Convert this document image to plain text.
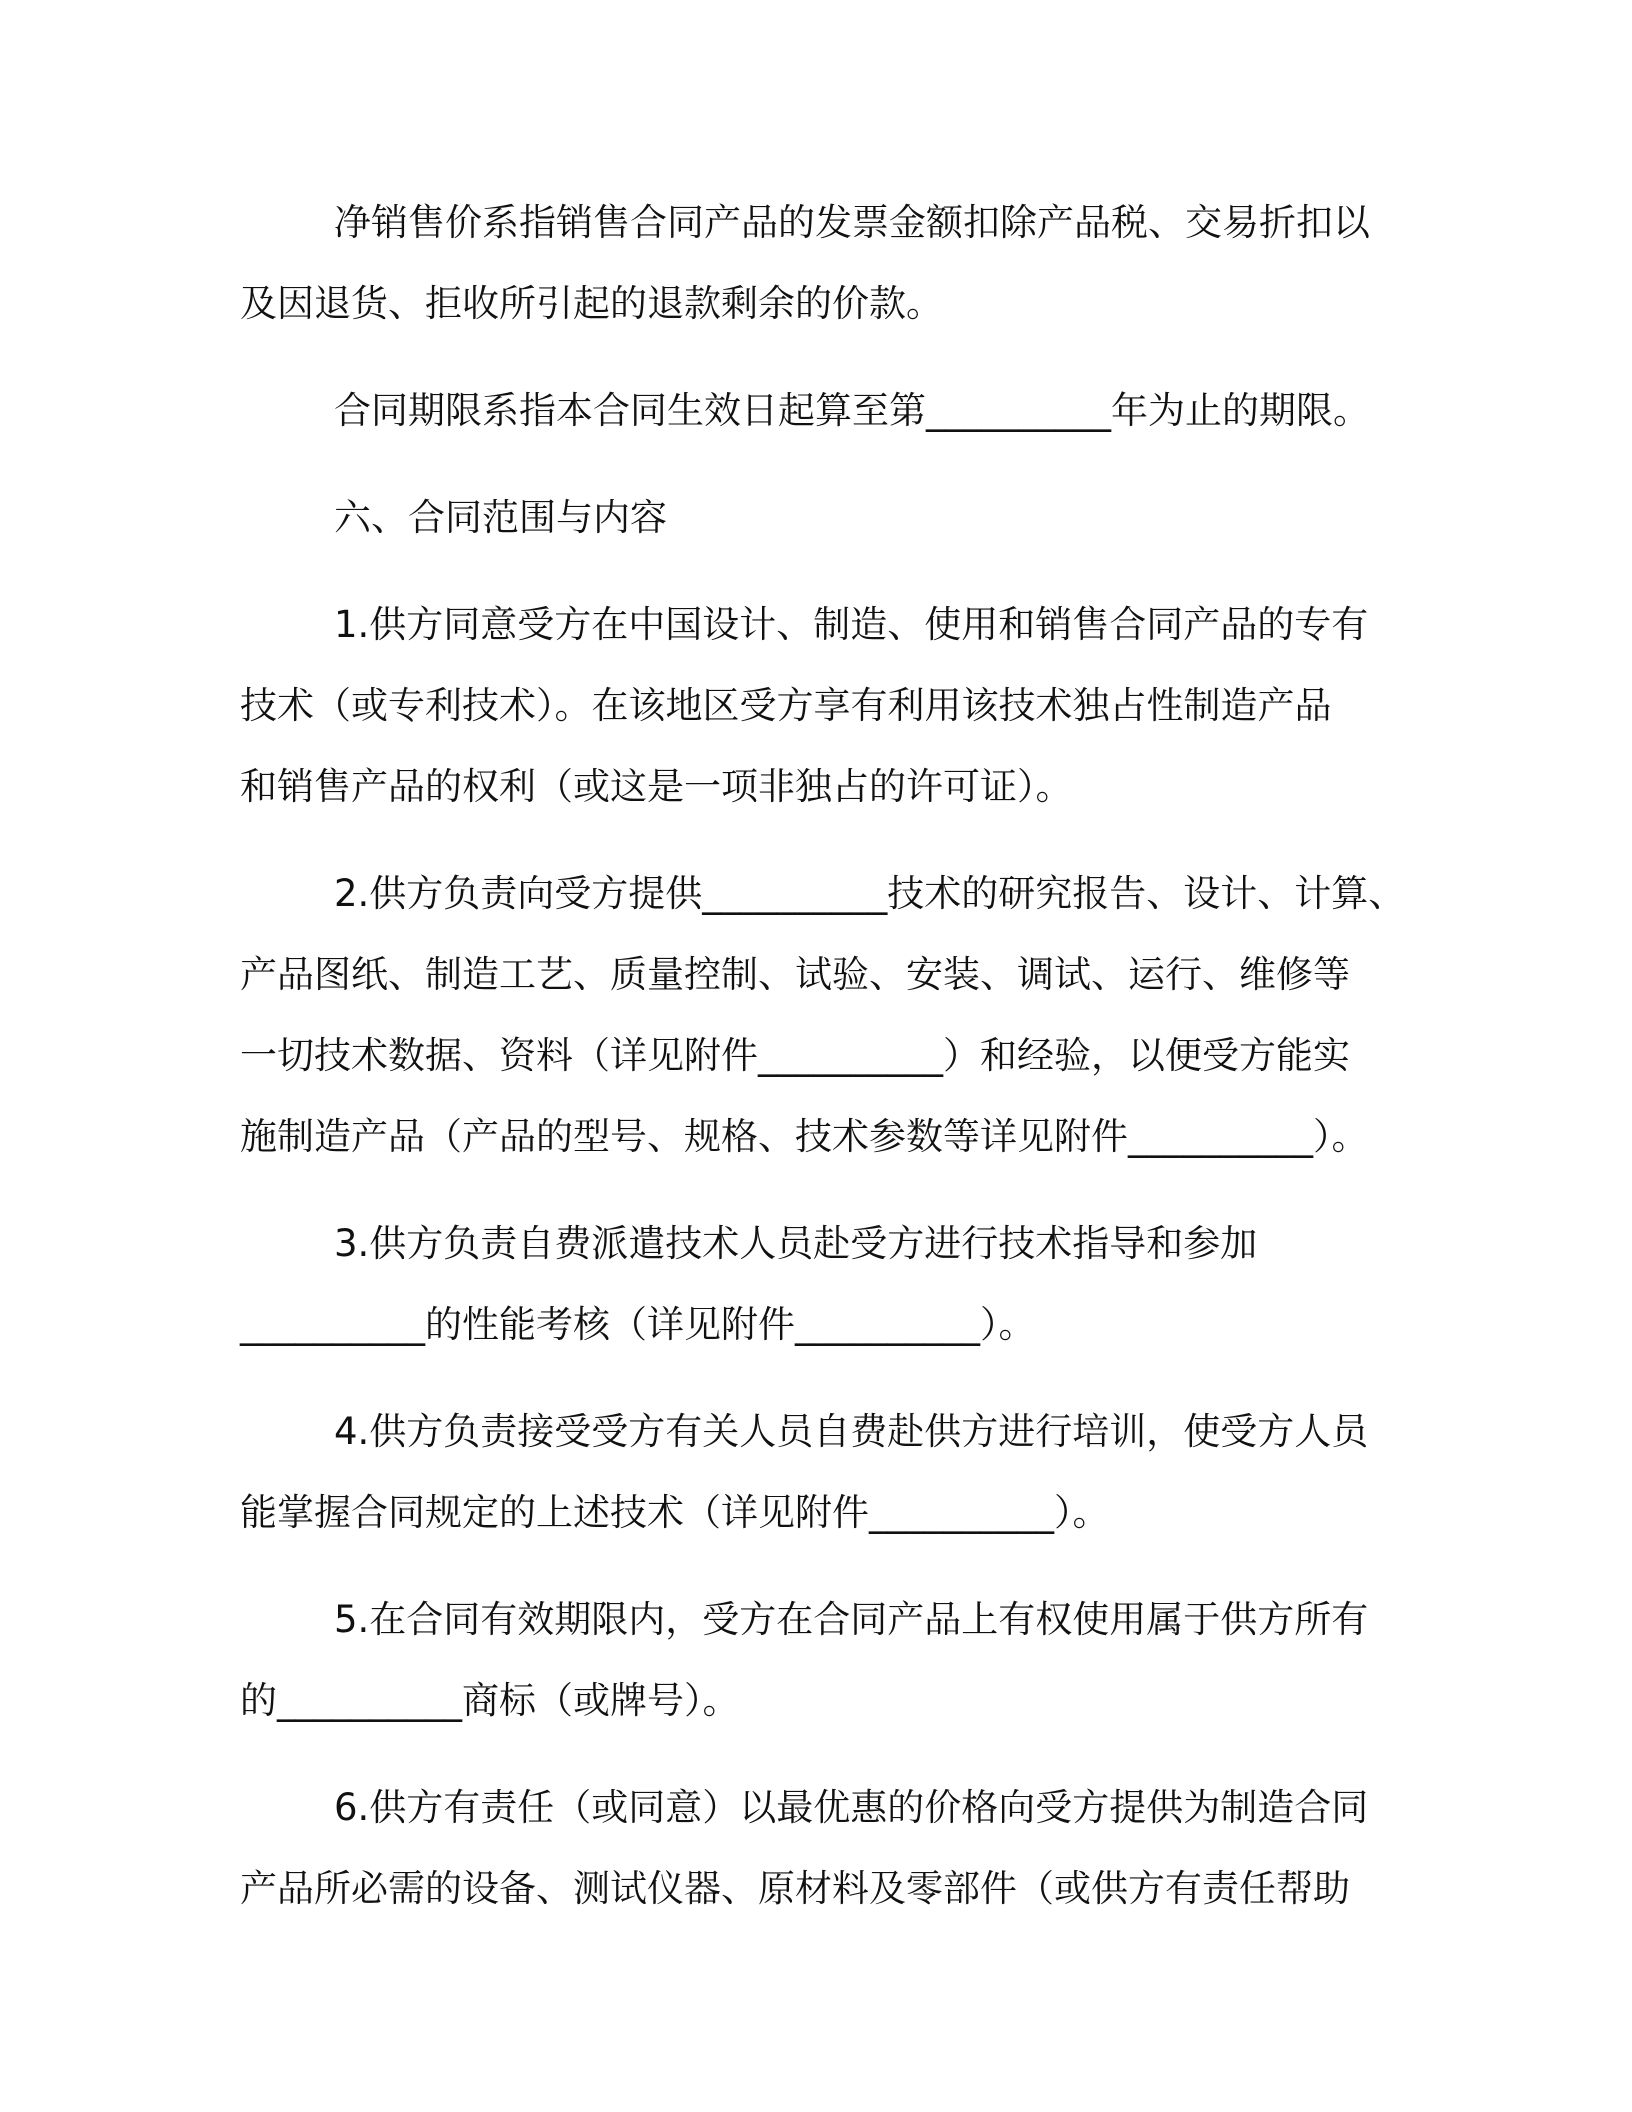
净销售价系指销售合同产品的发票金额扣除产品税、交易折扣以
及因退货、拒收所引起的退款剩余的价款。

合同期限系指本合同生效日起算至第__________年为止的期限。

六、合同范围与内容

1.供方同意受方在中国设计、制造、使用和销售合同产品的专有
技术（或专利技术）。在该地区受方享有利用该技术独占性制造产品
和销售产品的权利（或这是一项非独占的许可证）。

2.供方负责向受方提供__________技术的研究报告、设计、计算、
产品图纸、制造工艺、质量控制、试验、安装、调试、运行、维修等
一切技术数据、资料（详见附件__________）和经验，以便受方能实
施制造产品（产品的型号、规格、技术参数等详见附件__________）。

3.供方负责自费派遣技术人员赴受方进行技术指导和参加
__________的性能考核（详见附件__________）。

4.供方负责接受受方有关人员自费赴供方进行培训，使受方人员
能掌握合同规定的上述技术（详见附件__________）。

5.在合同有效期限内，受方在合同产品上有权使用属于供方所有
的__________商标（或牌号）。

6.供方有责任（或同意）以最优惠的价格向受方提供为制造合同
产品所必需的设备、测试仪器、原材料及零部件（或供方有责任帮助
